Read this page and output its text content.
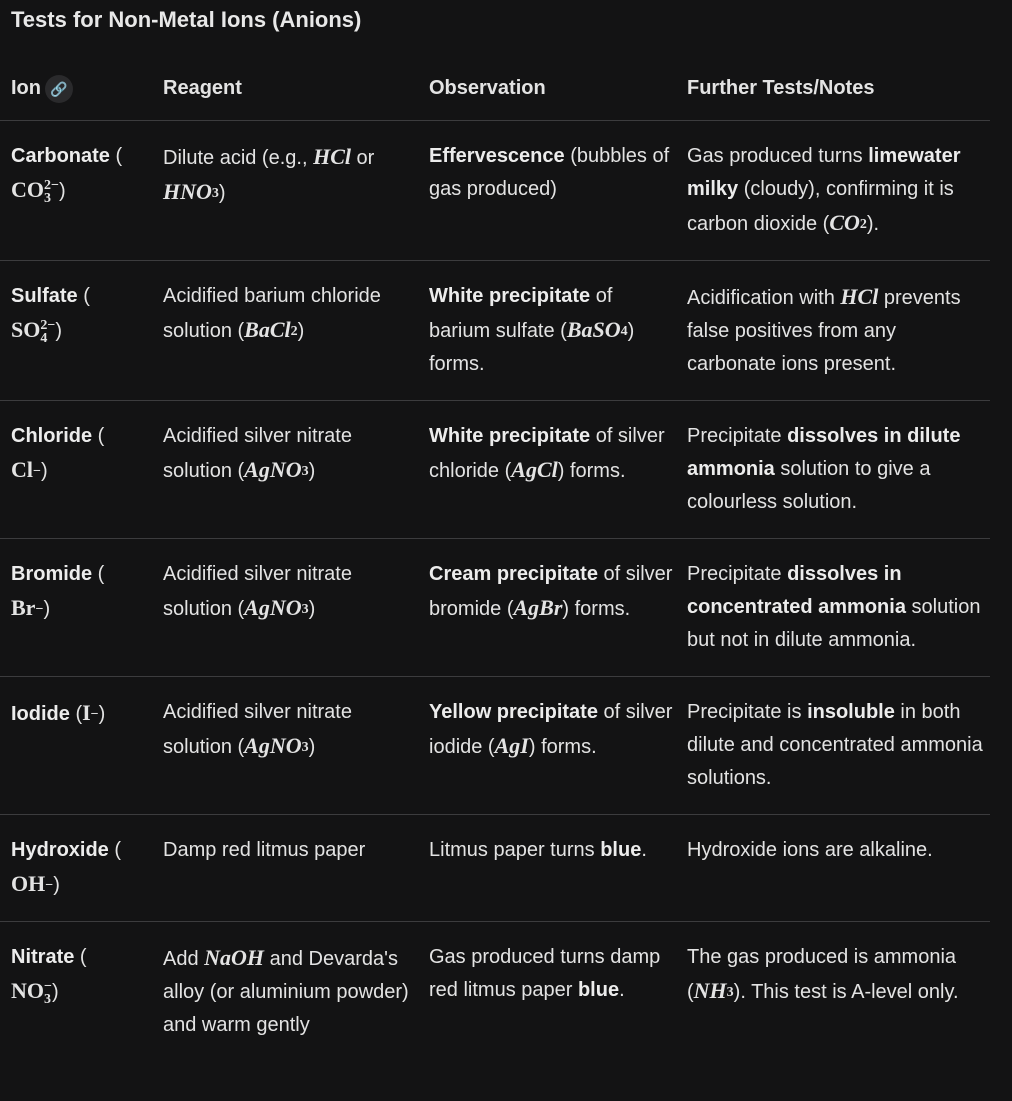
Tests for Non-Metal Ions (Anions)
Ion 🔗	Reagent	Observation	Further Tests/Notes
Carbonate (
CO 2−
3 )	Dilute acid (e.g., HCl or HNO 3 )	Effervescence (bubbles of gas produced)	Gas produced turns limewater milky (cloudy), confirming it is carbon dioxide (CO 2 ).
Sulfate (
SO 2−
4 )	Acidified barium chloride solution (BaCl 2 )	White precipitate of barium sulfate (BaSO 4 ) forms.	Acidification with HCl prevents false positives from any carbonate ions present.
Chloride (
Cl − )	Acidified silver nitrate solution (AgNO 3 )	White precipitate of silver chloride (AgCl) forms.	Precipitate dissolves in dilute ammonia solution to give a colourless solution.
Bromide (
Br − )	Acidified silver nitrate solution (AgNO 3 )	Cream precipitate of silver bromide (AgBr) forms.	Precipitate dissolves in concentrated ammonia solution but not in dilute ammonia.
Iodide (I − )	Acidified silver nitrate solution (AgNO 3 )	Yellow precipitate of silver iodide (AgI) forms.	Precipitate is insoluble in both dilute and concentrated ammonia solutions.
Hydroxide (
OH − )	Damp red litmus paper	Litmus paper turns blue.	Hydroxide ions are alkaline.
Nitrate (
NO −
3 )	Add NaOH and Devarda's alloy (or aluminium powder) and warm gently	Gas produced turns damp red litmus paper blue.	The gas produced is ammonia (NH 3 ). This test is A-level only.
